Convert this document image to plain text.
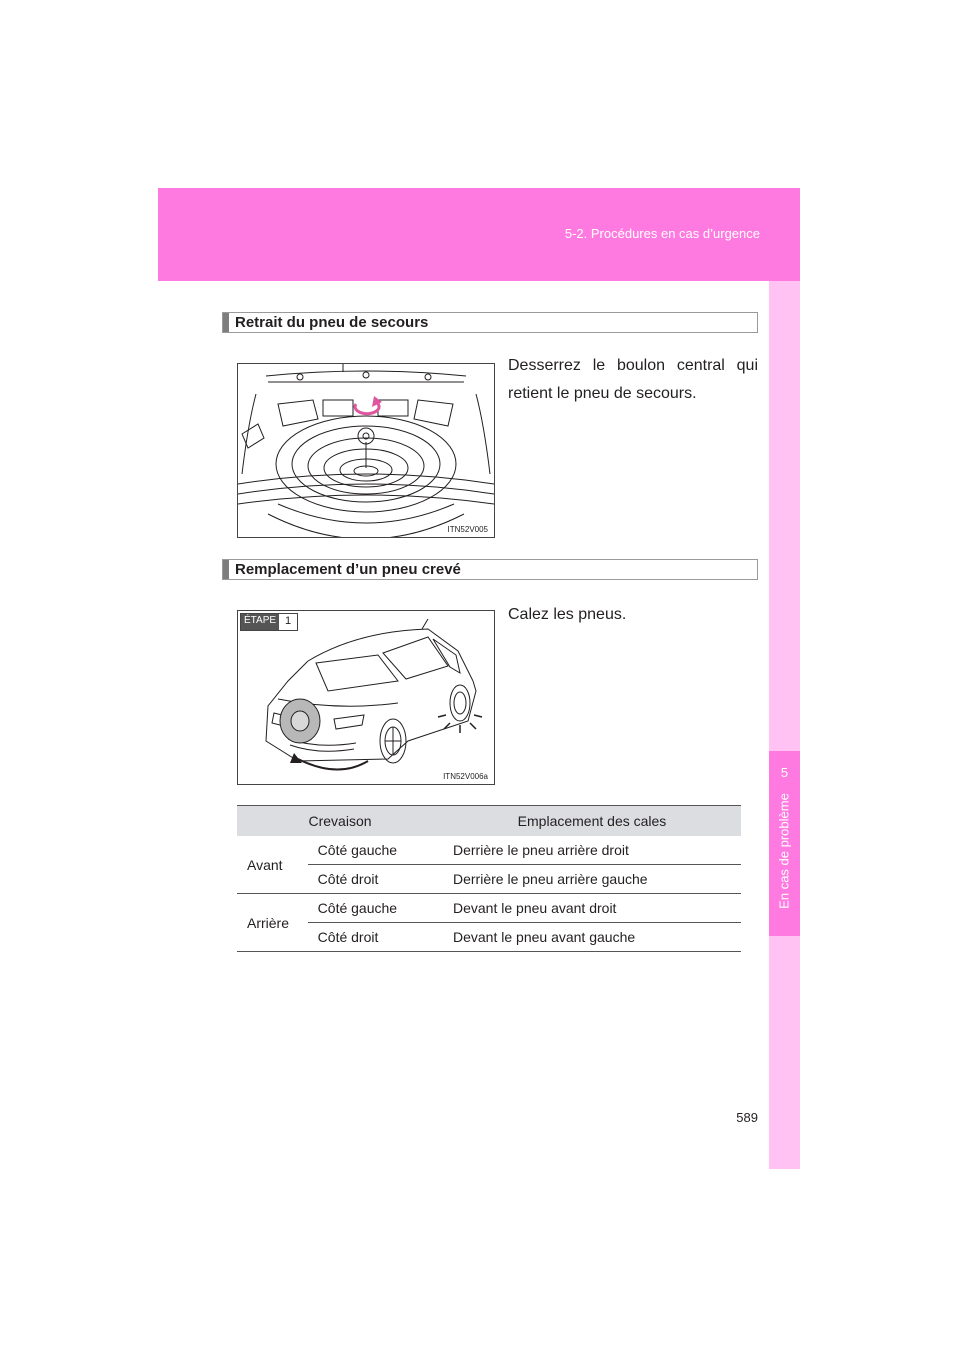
5-2. Procédures en cas d’urgence
5
En cas de problème
Retrait du pneu de secours
ITN52V005
Desserrez le boulon central qui retient le pneu de secours.
Remplacement d’un pneu crevé
ÉTAPE 1
ITN52V006a
Calez les pneus.
Crevaison		Emplacement des cales
Avant	Côté gauche	Derrière le pneu arrière droit
	Côté droit	Derrière le pneu arrière gauche
Arrière	Côté gauche	Devant le pneu avant droit
	Côté droit	Devant le pneu avant gauche
589
